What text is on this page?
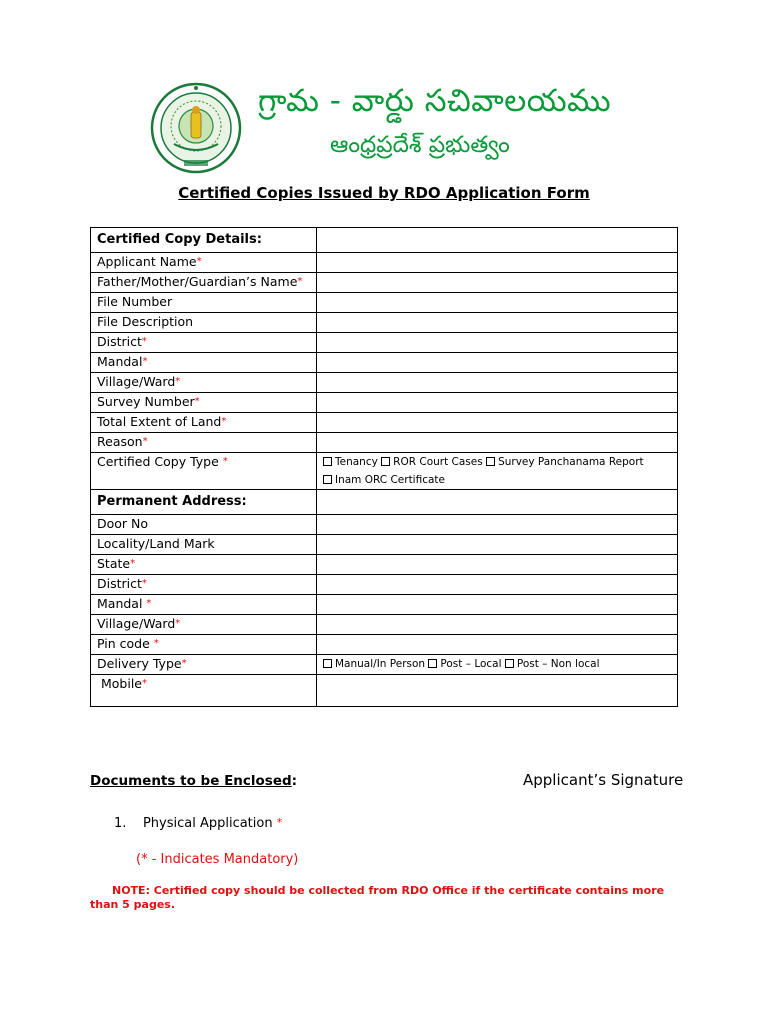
గ్రామ - వార్డు సచివాలయము
ఆంధ్రప్రదేశ్ ప్రభుత్వం
Certified Copies Issued by RDO Application Form
Certified Copy Details:	
Applicant Name*	
Father/Mother/Guardian’s Name*	
File Number	
File Description	
District*	
Mandal*	
Village/Ward*	
Survey Number*	
Total Extent of Land*	
Reason*	
Certified Copy Type *	Tenancy ROR Court Cases Survey Panchanama Report
Inam ORC Certificate
Permanent Address:	
Door No	
Locality/Land Mark	
State*	
District*	
Mandal *	
Village/Ward*	
Pin code *	
Delivery Type*	Manual/In Person Post – Local Post – Non local
Mobile*	
Documents to be Enclosed:	Applicant’s Signature
1. Physical Application *
(* - Indicates Mandatory)
NOTE: Certified copy should be collected from RDO Office if the certificate contains more than 5 pages.
